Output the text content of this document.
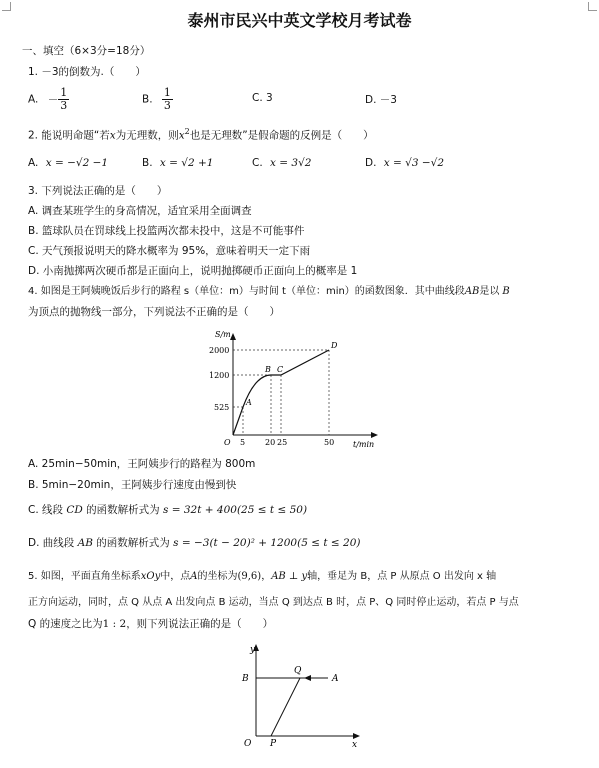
泰州市民兴中英文学校月考试卷
一、填空（6×3分=18分）
1. －3的倒数为.（　　）
A. － $\frac{1}{3}$	B. $\frac{1}{3}$	C. 3	D. －3
2. 能说明命题“若x为无理数，则$x^2$也是无理数”是假命题的反例是（　　）
A. x = −√2 −1	B. x = √2 +1	C. x = 3√2	D. x = √3 −√2
3. 下列说法正确的是（　　）
A. 调查某班学生的身高情况，适宜采用全面调查
B. 篮球队员在罚球线上投篮两次都未投中，这是不可能事件
C. 天气预报说明天的降水概率为 95%，意味着明天一定下雨
D. 小南抛掷两次硬币都是正面向上，说明抛掷硬币正面向上的概率是 1
4. 如图是王阿姨晚饭后步行的路程 s（单位：m）与时间 t（单位：min）的函数图象．其中曲线段AB是以 B
为顶点的抛物线一部分，下列说法不正确的是（　　）
S/m
t/min
2000
1200
525
O 5 20 25	50
A
B C
D
A. 25min−50min，王阿姨步行的路程为 800m
B. 5min−20min，王阿姨步行速度由慢到快
C. 线段 CD 的函数解析式为 s = 32t + 400(25 ≤ t ≤ 50)
D. 曲线段 AB 的函数解析式为 s = −3(t − 20)² + 1200(5 ≤ t ≤ 20)
5. 如图，平面直角坐标系xOy中，点A的坐标为(9,6)，AB ⊥ y轴，垂足为 B，点 P 从原点 O 出发向 x 轴
正方向运动，同时，点 Q 从点 A 出发向点 B 运动，当点 Q 到达点 B 时，点 P、Q 同时停止运动，若点 P 与点
Q 的速度之比为1 : 2，则下列说法正确的是（　　）
y
x
O
B
Q
A
P
